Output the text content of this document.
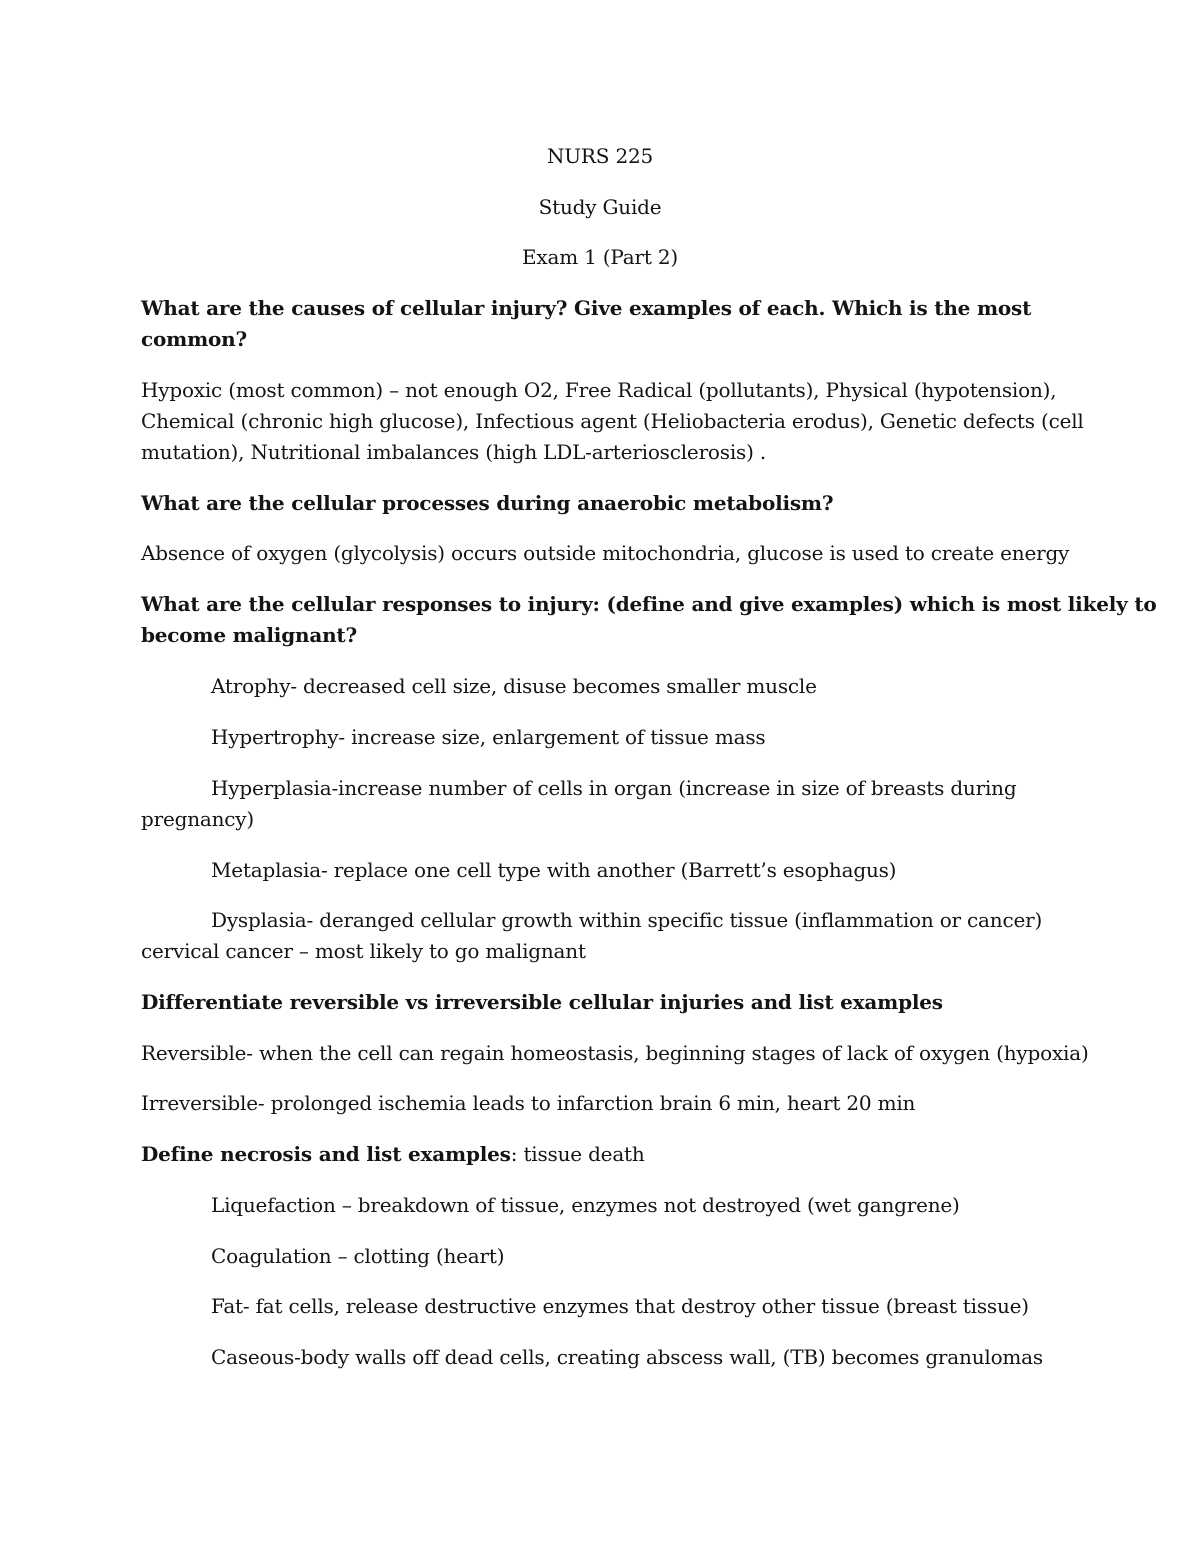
NURS 225
Study Guide
Exam 1 (Part 2)
What are the causes of cellular injury? Give examples of each. Which is the most
common?
Hypoxic (most common) – not enough O2, Free Radical (pollutants), Physical (hypotension),
Chemical (chronic high glucose), Infectious agent (Heliobacteria erodus), Genetic defects (cell
mutation), Nutritional imbalances (high LDL-arteriosclerosis) .
What are the cellular processes during anaerobic metabolism?
Absence of oxygen (glycolysis) occurs outside mitochondria, glucose is used to create energy
What are the cellular responses to injury: (define and give examples) which is most likely to
become malignant?
Atrophy- decreased cell size, disuse becomes smaller muscle
Hypertrophy- increase size, enlargement of tissue mass
Hyperplasia-increase number of cells in organ (increase in size of breasts during
pregnancy)
Metaplasia- replace one cell type with another (Barrett’s esophagus)
Dysplasia- deranged cellular growth within specific tissue (inflammation or cancer)
cervical cancer – most likely to go malignant
Differentiate reversible vs irreversible cellular injuries and list examples
Reversible- when the cell can regain homeostasis, beginning stages of lack of oxygen (hypoxia)
Irreversible- prolonged ischemia leads to infarction brain 6 min, heart 20 min
Define necrosis and list examples: tissue death
Liquefaction – breakdown of tissue, enzymes not destroyed (wet gangrene)
Coagulation – clotting (heart)
Fat- fat cells, release destructive enzymes that destroy other tissue (breast tissue)
Caseous-body walls off dead cells, creating abscess wall, (TB) becomes granulomas
